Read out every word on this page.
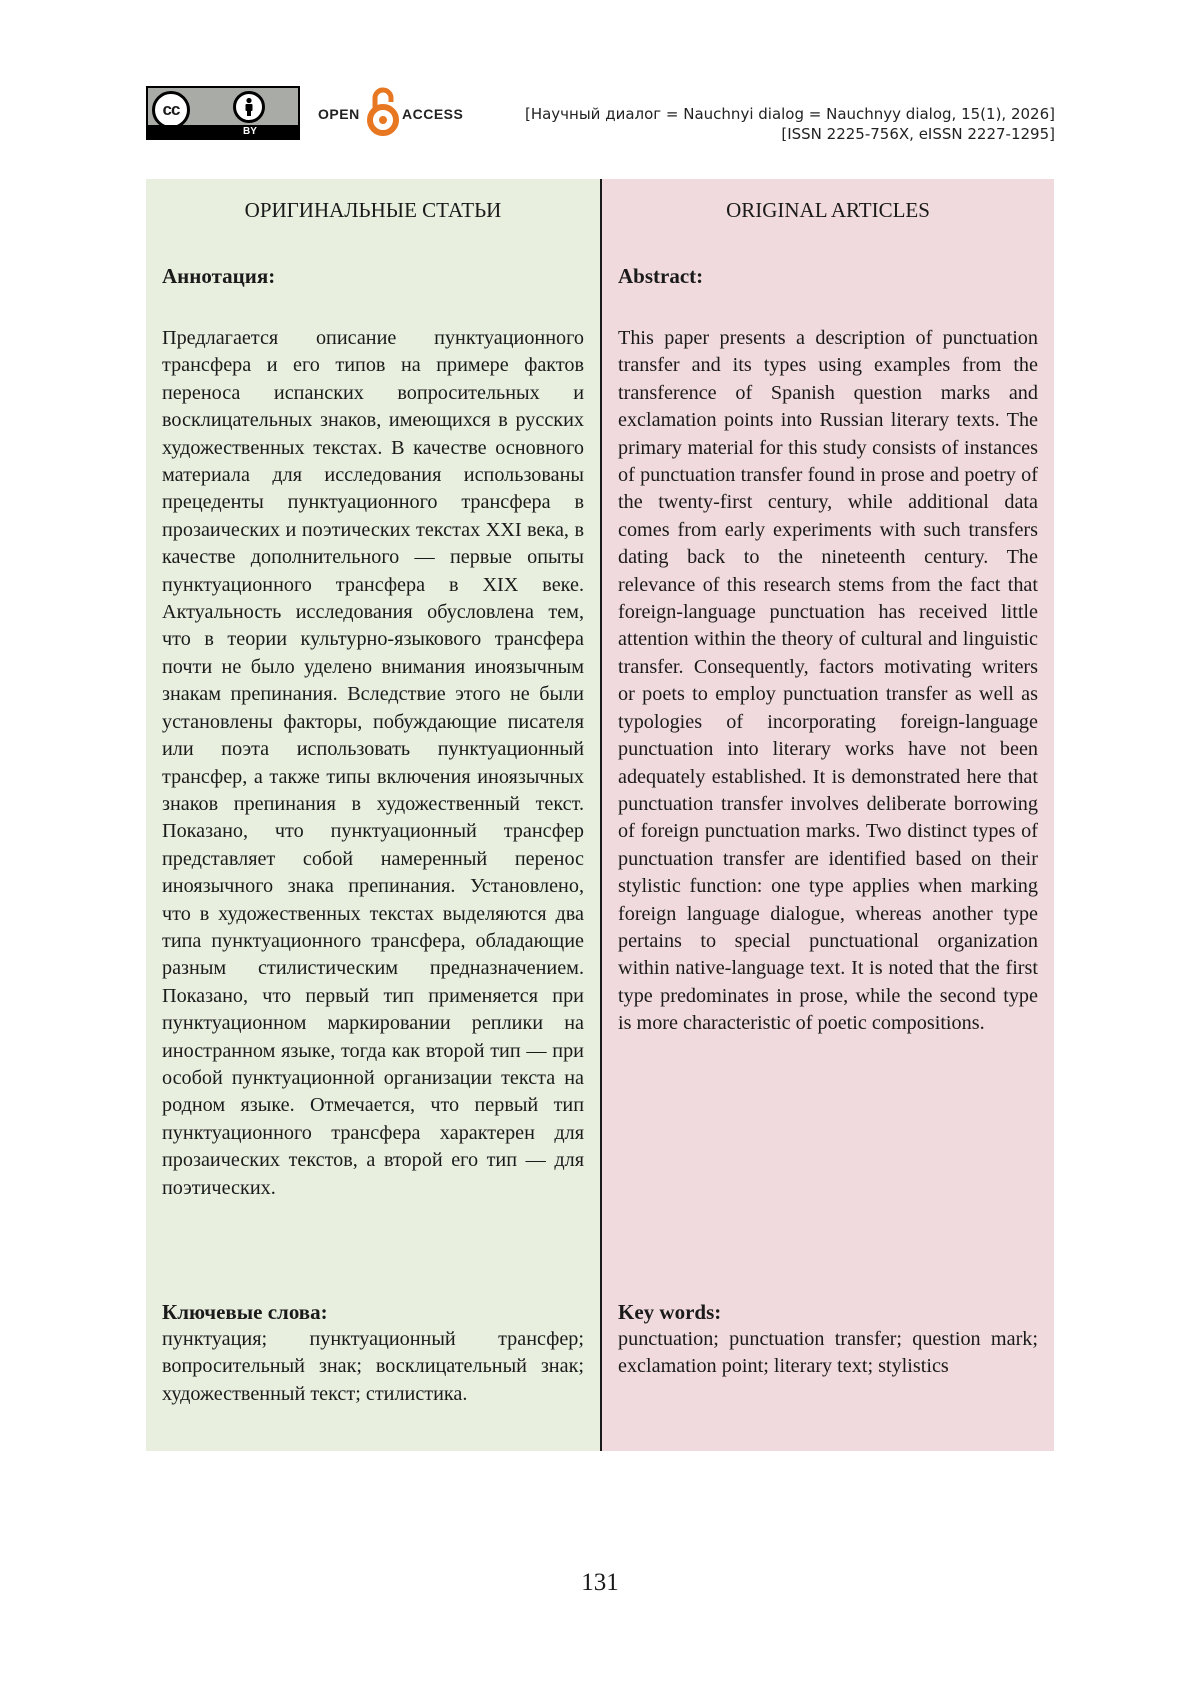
cc
BY
OPEN	ACCESS	[Научный диалог = Nauchnyi dialog = Nauchnyy dialog, 15(1), 2026]
[ISSN 2225-756X, eISSN 2227-1295]
ОРИГИНАЛЬНЫЕ СТАТЬИ
Аннотация:
Предлагается описание пунктуационного трансфера и его типов на примере фактов переноса испанских вопросительных и восклицательных знаков, имеющихся в русских художественных текстах. В качестве основного материала для исследования использованы прецеденты пунктуационного трансфера в прозаических и поэтических текстах XXI века, в качестве дополнительного — первые опыты пунктуационного трансфера в XIX веке. Актуальность исследования обусловлена тем, что в теории культурно-языкового трансфера почти не было уделено внимания иноязычным знакам препинания. Вследствие этого не были установлены факторы, побуждающие писателя или поэта использовать пунктуационный трансфер, а также типы включения иноязычных знаков препинания в художественный текст. Показано, что пунктуационный трансфер представляет собой намеренный перенос иноязычного знака препинания. Установлено, что в художественных текстах выделяются два типа пунктуационного трансфера, обладающие разным стилистическим предназначением. Показано, что первый тип применяется при пунктуационном маркировании реплики на иностранном языке, тогда как второй тип — при особой пунктуационной организации текста на родном языке. Отмечается, что первый тип пунктуационного трансфера характерен для прозаических текстов, а второй его тип — для поэтических.
Ключевые слова:
пунктуация; пунктуационный трансфер; вопросительный знак; восклицательный знак; художественный текст; стилистика.
ORIGINAL ARTICLES
Abstract:
This paper presents a description of punctuation transfer and its types using examples from the transference of Spanish question marks and exclamation points into Russian literary texts. The primary material for this study consists of instances of punctuation transfer found in prose and poetry of the twenty-first century, while additional data comes from early experiments with such transfers dating back to the nineteenth century. The relevance of this research stems from the fact that foreign-language punctuation has received little attention within the theory of cultural and linguistic transfer. Consequently, factors motivating writers or poets to employ punctuation transfer as well as typologies of incorporating foreign-language punctuation into literary works have not been adequately established. It is demonstrated here that punctuation transfer involves deliberate borrowing of foreign punctuation marks. Two distinct types of punctuation transfer are identified based on their stylistic function: one type applies when marking foreign language dialogue, whereas another type pertains to special punctuational organization within native-language text. It is noted that the first type predominates in prose, while the second type is more characteristic of poetic compositions.
Key words:
punctuation; punctuation transfer; question mark; exclamation point; literary text; stylistics
131
